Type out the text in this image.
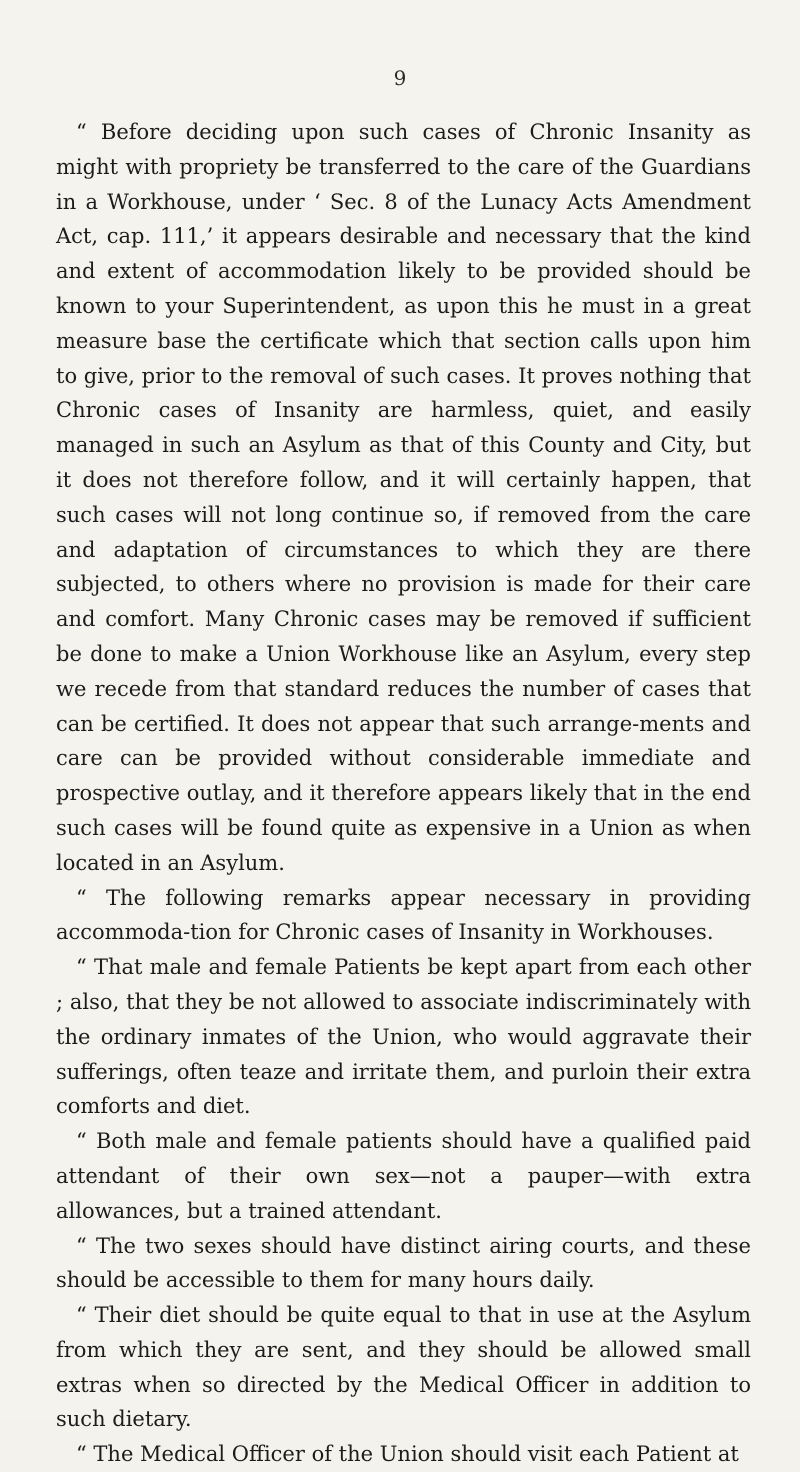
9

“ Before deciding upon such cases of Chronic Insanity as might with propriety be transferred to the care of the Guardians in a Workhouse, under ‘ Sec. 8 of the Lunacy Acts Amendment Act, cap. 111,’ it appears desirable and necessary that the kind and extent of accommodation likely to be provided should be known to your Superintendent, as upon this he must in a great measure base the certificate which that section calls upon him to give, prior to the removal of such cases. It proves nothing that Chronic cases of Insanity are harmless, quiet, and easily managed in such an Asylum as that of this County and City, but it does not therefore follow, and it will certainly happen, that such cases will not long continue so, if removed from the care and adaptation of circumstances to which they are there subjected, to others where no provision is made for their care and comfort. Many Chronic cases may be removed if sufficient be done to make a Union Workhouse like an Asylum, every step we recede from that standard reduces the number of cases that can be certified. It does not appear that such arrange-ments and care can be provided without considerable immediate and prospective outlay, and it therefore appears likely that in the end such cases will be found quite as expensive in a Union as when located in an Asylum.

“ The following remarks appear necessary in providing accommoda-tion for Chronic cases of Insanity in Workhouses.

“ That male and female Patients be kept apart from each other ; also, that they be not allowed to associate indiscriminately with the ordinary inmates of the Union, who would aggravate their sufferings, often teaze and irritate them, and purloin their extra comforts and diet.

“ Both male and female patients should have a qualified paid attendant of their own sex—not a pauper—with extra allowances, but a trained attendant.

“ The two sexes should have distinct airing courts, and these should be accessible to them for many hours daily.

“ Their diet should be quite equal to that in use at the Asylum from which they are sent, and they should be allowed small extras when so directed by the Medical Officer in addition to such dietary.

“ The Medical Officer of the Union should visit each Patient at
